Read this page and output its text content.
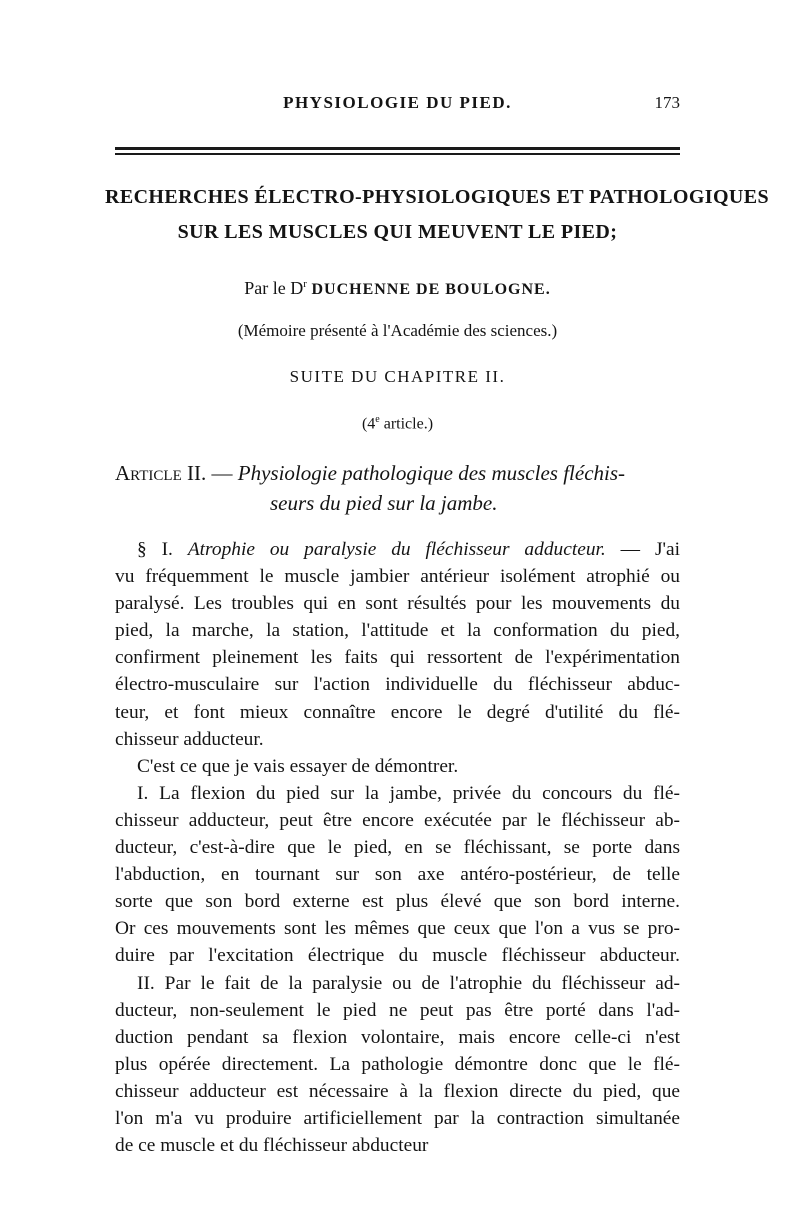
PHYSIOLOGIE DU PIED.	173
RECHERCHES ÉLECTRO-PHYSIOLOGIQUES ET PATHOLOGIQUES
SUR LES MUSCLES QUI MEUVENT LE PIED;
Par le $D^r$ DUCHENNE DE BOULOGNE.
(Mémoire présenté à l'Académie des sciences.)
SUITE DU CHAPITRE II.
(4e article.)
Article II. — Physiologie pathologique des muscles fléchis-
seurs du pied sur la jambe.
§ I. Atrophie ou paralysie du fléchisseur adducteur. — J'ai
vu fréquemment le muscle jambier antérieur isolément atrophié ou
paralysé. Les troubles qui en sont résultés pour les mouvements du
pied, la marche, la station, l'attitude et la conformation du pied,
confirment pleinement les faits qui ressortent de l'expérimentation
électro-musculaire sur l'action individuelle du fléchisseur abduc-
teur, et font mieux connaître encore le degré d'utilité du flé-
chisseur adducteur.
C'est ce que je vais essayer de démontrer.
I. La flexion du pied sur la jambe, privée du concours du flé-
chisseur adducteur, peut être encore exécutée par le fléchisseur ab-
ducteur, c'est-à-dire que le pied, en se fléchissant, se porte dans
l'abduction, en tournant sur son axe antéro-postérieur, de telle
sorte que son bord externe est plus élevé que son bord interne.
Or ces mouvements sont les mêmes que ceux que l'on a vus se pro-
duire par l'excitation électrique du muscle fléchisseur abducteur.
II. Par le fait de la paralysie ou de l'atrophie du fléchisseur ad-
ducteur, non-seulement le pied ne peut pas être porté dans l'ad-
duction pendant sa flexion volontaire, mais encore celle-ci n'est
plus opérée directement. La pathologie démontre donc que le flé-
chisseur adducteur est nécessaire à la flexion directe du pied, que
l'on m'a vu produire artificiellement par la contraction simultanée
de ce muscle et du fléchisseur abducteur
